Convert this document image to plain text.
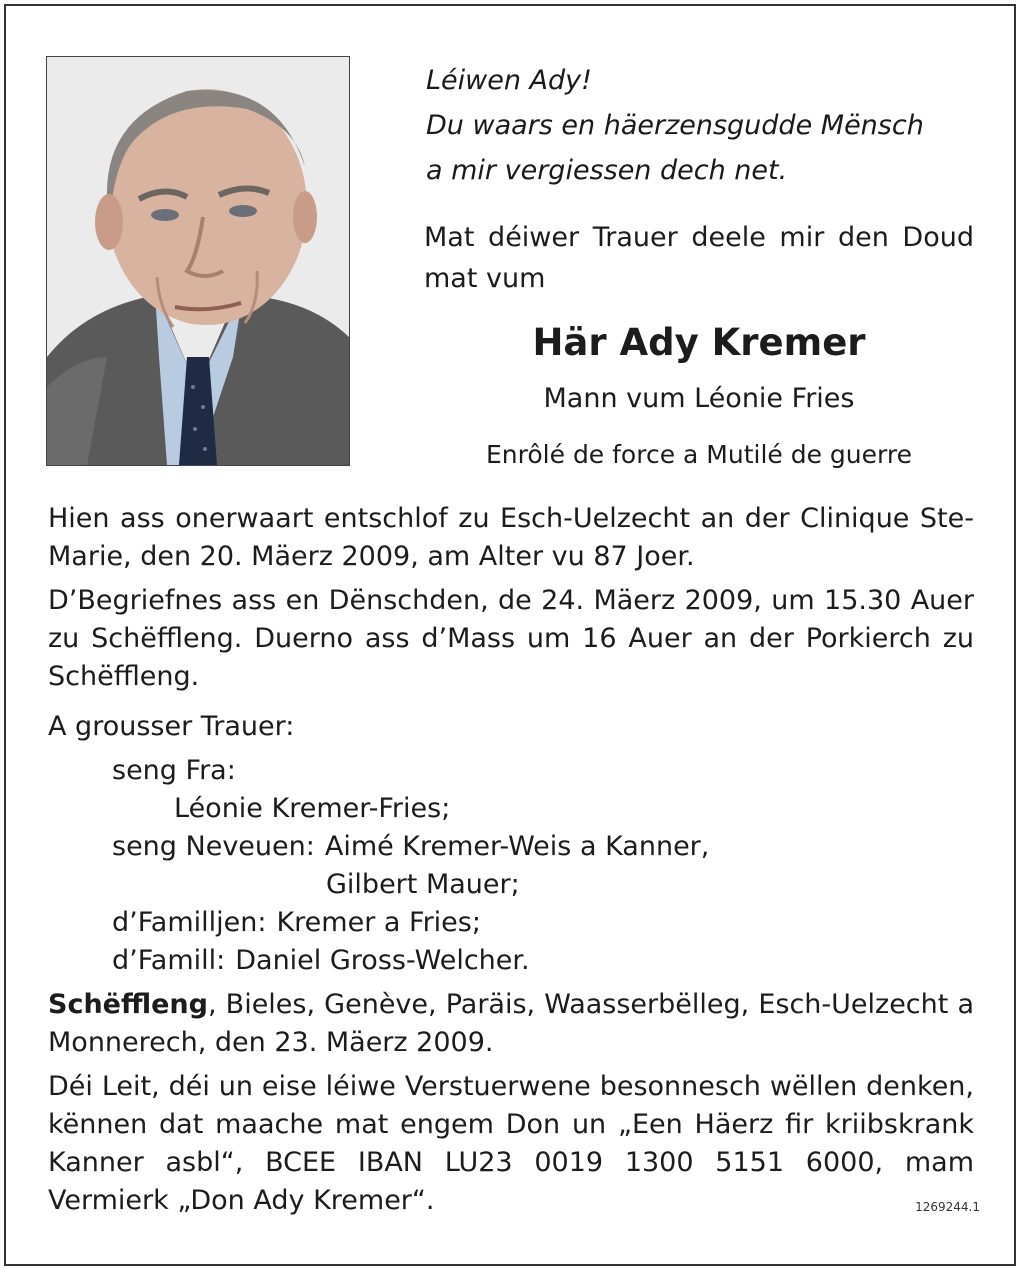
Léiwen Ady!
Du waars en häerzensgudde Mënsch
a mir vergiessen dech net.
Mat déiwer Trauer deele mir den Doud mat vum
Här Ady Kremer
Mann vum Léonie Fries
Enrôlé de force a Mutilé de guerre

Hien ass onerwaart entschlof zu Esch-Uelzecht an der Clinique Ste-Marie, den 20. Mäerz 2009, am Alter vu 87 Joer.

D’Begriefnes ass en Dënschden, de 24. Mäerz 2009, um 15.30 Auer zu Schëffleng. Duerno ass d’Mass um 16 Auer an der Porkierch zu Schëffleng.

A grousser Trauer:

seng Fra:
Léonie Kremer-Fries;
seng Neveuen: Aimé Kremer-Weis a Kanner,
Gilbert Mauer;
d’Familljen: Kremer a Fries;
d’Famill: Daniel Gross-Welcher.

Schëffleng, Bieles, Genève, Paräis, Waasserbëlleg, Esch-Uelzecht a Monnerech, den 23. Mäerz 2009.

Déi Leit, déi un eise léiwe Verstuerwene besonnesch wëllen denken, kënnen dat maache mat engem Don un „Een Häerz fir kriibskrank Kanner asbl“, BCEE IBAN LU23 0019 1300 5151 6000, mam Vermierk „Don Ady Kremer“.	1269244.1
